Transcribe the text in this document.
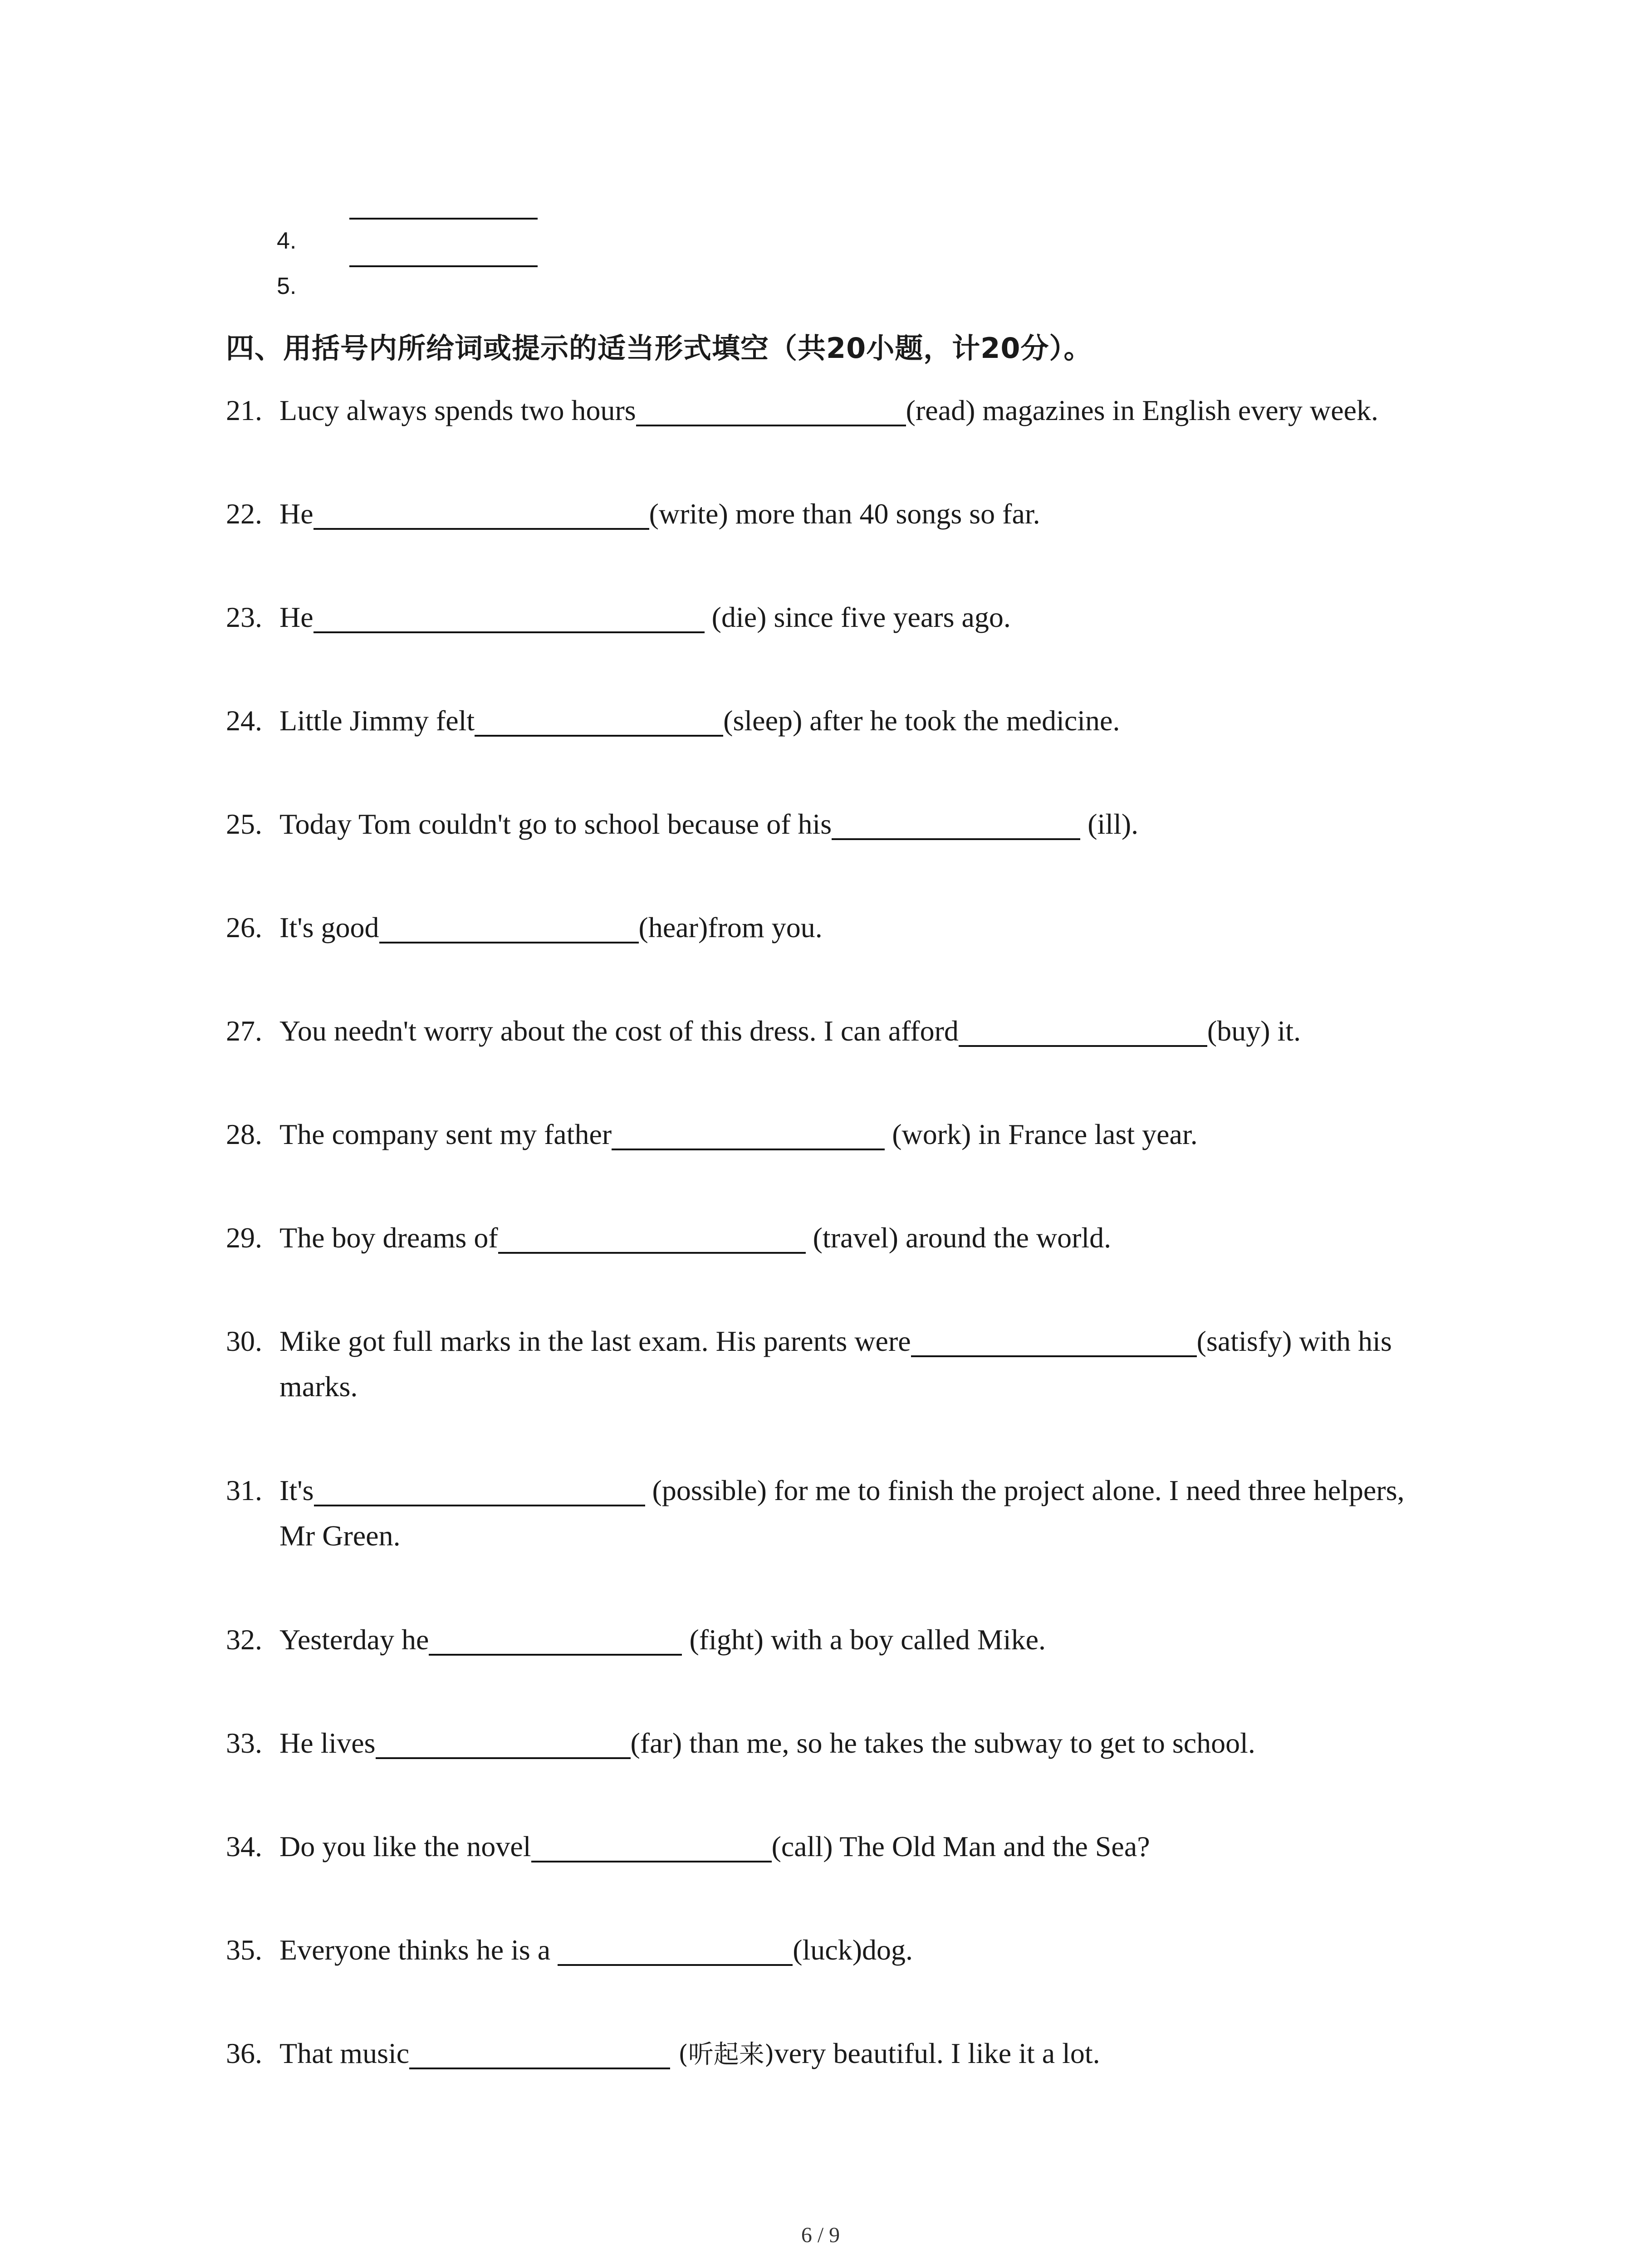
4.
5.
四、用括号内所给词或提示的适当形式填空（共20小题，计20分）。
21. Lucy always spends two hours	(read) magazines in English every week.
22. He	(write) more than 40 songs so far.
23. He	(die) since five years ago.
24. Little Jimmy felt	(sleep) after he took the medicine.
25. Today Tom couldn't go to school because of his	(ill).
26. It's good	(hear)from you.
27. You needn't worry about the cost of this dress. I can afford	(buy) it.
28. The company sent my father	(work) in France last year.
29. The boy dreams of	(travel) around the world.
30. Mike got full marks in the last exam. His parents were	(satisfy) with his
marks.
31. It's	(possible) for me to finish the project alone. I need three helpers,
Mr Green.
32. Yesterday he	(fight) with a boy called Mike.
33. He lives	(far) than me, so he takes the subway to get to school.
34. Do you like the novel	(call) The Old Man and the Sea?
35. Everyone thinks he is a	(luck)dog.
36. That music	(听起来)very beautiful. I like it a lot.
6 / 9
